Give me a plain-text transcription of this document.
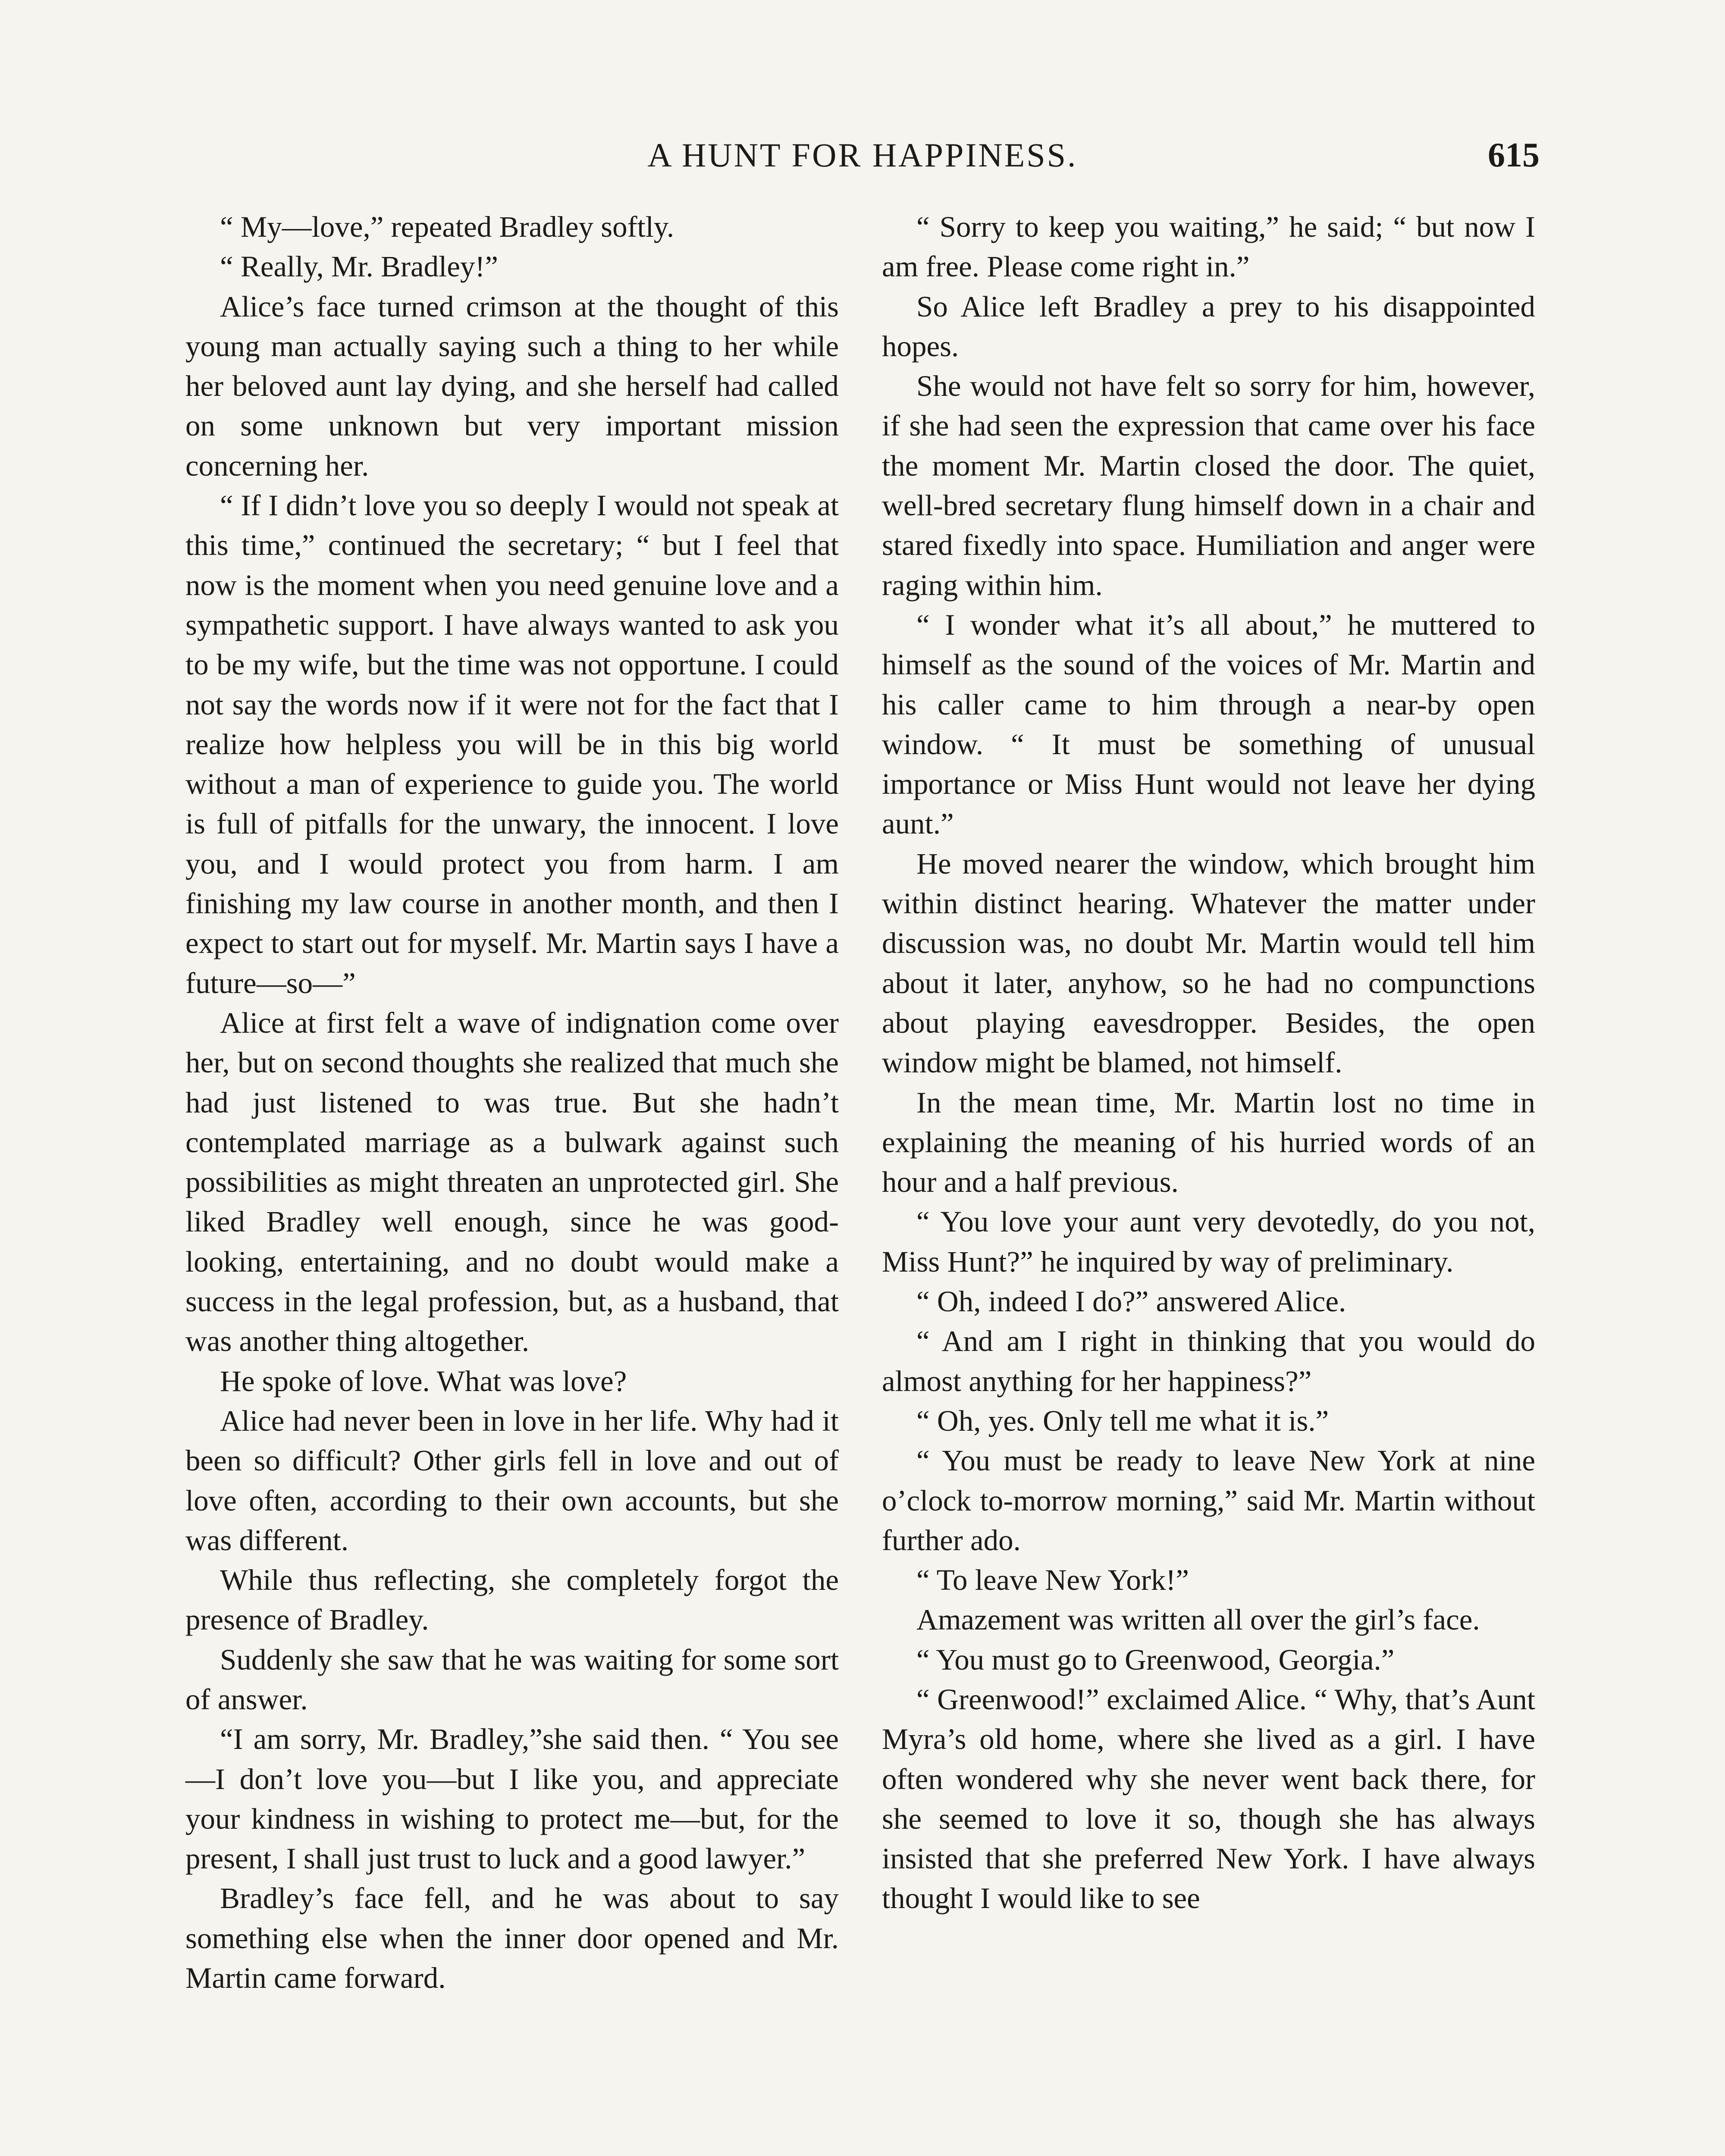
A HUNT FOR HAPPINESS.	615

“ My—love,” repeated Bradley softly.

“ Really, Mr. Bradley!”

Alice’s face turned crimson at the thought of this young man actually saying such a thing to her while her beloved aunt lay dying, and she herself had called on some unknown but very important mission concerning her.

“ If I didn’t love you so deeply I would not speak at this time,” continued the secretary; “ but I feel that now is the moment when you need genuine love and a sympathetic support. I have always wanted to ask you to be my wife, but the time was not opportune. I could not say the words now if it were not for the fact that I realize how helpless you will be in this big world without a man of experience to guide you. The world is full of pitfalls for the unwary, the innocent. I love you, and I would protect you from harm. I am finishing my law course in another month, and then I expect to start out for myself. Mr. Martin says I have a future—so—”

Alice at first felt a wave of indignation come over her, but on second thoughts she realized that much she had just listened to was true. But she hadn’t contemplated marriage as a bulwark against such possibilities as might threaten an unprotected girl. She liked Bradley well enough, since he was good-looking, entertaining, and no doubt would make a success in the legal profession, but, as a husband, that was another thing altogether.

He spoke of love. What was love?

Alice had never been in love in her life. Why had it been so difficult? Other girls fell in love and out of love often, according to their own accounts, but she was different.

While thus reflecting, she completely forgot the presence of Bradley.

Suddenly she saw that he was waiting for some sort of answer.

“I am sorry, Mr. Bradley,”she said then. “ You see—I don’t love you—but I like you, and appreciate your kindness in wishing to protect me—but, for the present, I shall just trust to luck and a good lawyer.”

Bradley’s face fell, and he was about to say something else when the inner door opened and Mr. Martin came forward.

“ Sorry to keep you waiting,” he said; “ but now I am free. Please come right in.”

So Alice left Bradley a prey to his disappointed hopes.

She would not have felt so sorry for him, however, if she had seen the expression that came over his face the moment Mr. Martin closed the door. The quiet, well-bred secretary flung himself down in a chair and stared fixedly into space. Humiliation and anger were raging within him.

“ I wonder what it’s all about,” he muttered to himself as the sound of the voices of Mr. Martin and his caller came to him through a near-by open window. “ It must be something of unusual importance or Miss Hunt would not leave her dying aunt.”

He moved nearer the window, which brought him within distinct hearing. Whatever the matter under discussion was, no doubt Mr. Martin would tell him about it later, anyhow, so he had no compunctions about playing eavesdropper. Besides, the open window might be blamed, not himself.

In the mean time, Mr. Martin lost no time in explaining the meaning of his hurried words of an hour and a half previous.

“ You love your aunt very devotedly, do you not, Miss Hunt?” he inquired by way of preliminary.

“ Oh, indeed I do?” answered Alice.

“ And am I right in thinking that you would do almost anything for her happiness?”

“ Oh, yes. Only tell me what it is.”

“ You must be ready to leave New York at nine o’clock to-morrow morning,” said Mr. Martin without further ado.

“ To leave New York!”

Amazement was written all over the girl’s face.

“ You must go to Greenwood, Georgia.”

“ Greenwood!” exclaimed Alice. “ Why, that’s Aunt Myra’s old home, where she lived as a girl. I have often wondered why she never went back there, for she seemed to love it so, though she has always insisted that she preferred New York. I have always thought I would like to see
